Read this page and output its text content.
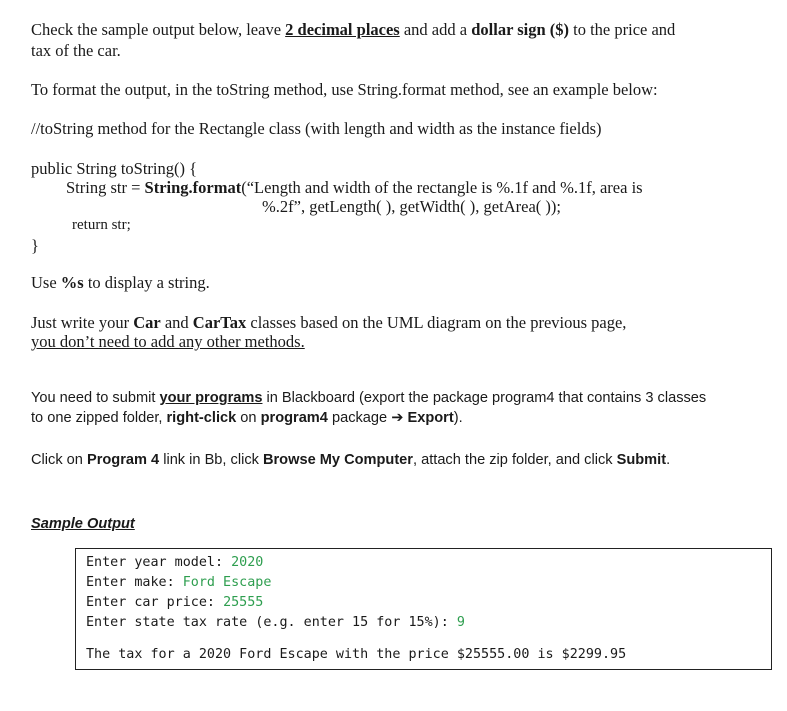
Check the sample output below, leave 2 decimal places and add a dollar sign ($) to the price and
tax of the car.
To format the output, in the toString method, use String.format method, see an example below:
//toString method for the Rectangle class (with length and width as the instance fields)
public String toString() {
String str = String.format(“Length and width of the rectangle is %.1f and %.1f, area is
%.2f”, getLength( ), getWidth( ), getArea( ));
return str;
}
Use %s to display a string.
Just write your Car and CarTax classes based on the UML diagram on the previous page,
you don’t need to add any other methods.
You need to submit your programs in Blackboard (export the package program4 that contains 3 classes
to one zipped folder, right-click on program4 package ➔ Export).
Click on Program 4 link in Bb, click Browse My Computer, attach the zip folder, and click Submit.
Sample Output
Enter year model: 2020
Enter make: Ford Escape
Enter car price: 25555
Enter state tax rate (e.g. enter 15 for 15%): 9
The tax for a 2020 Ford Escape with the price $25555.00 is $2299.95
